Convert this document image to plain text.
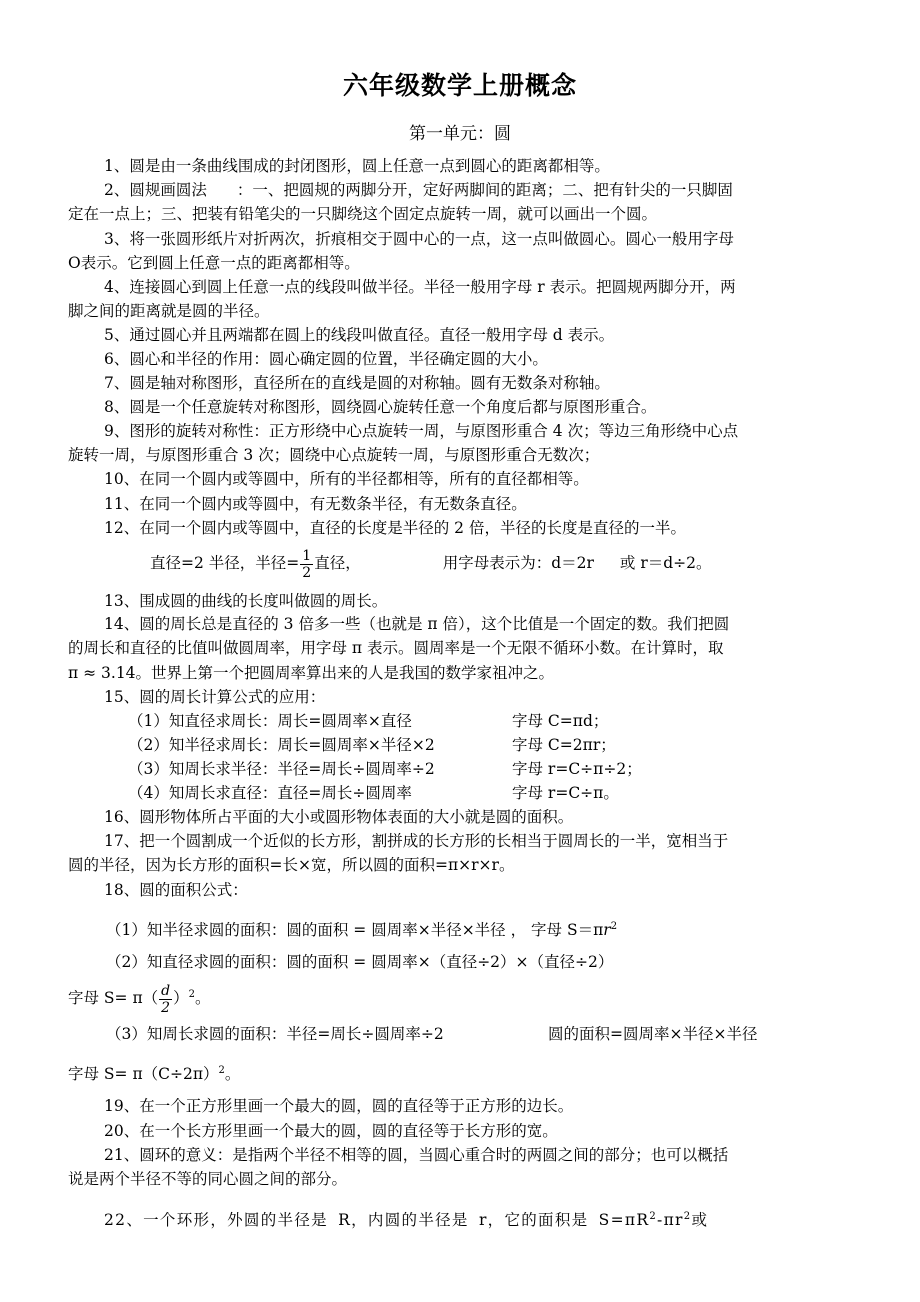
六年级数学上册概念
第一单元：圆
1、圆是由一条曲线围成的封闭图形，圆上任意一点到圆心的距离都相等。
2、圆规画圆法 ：一、把圆规的两脚分开，定好两脚间的距离；二、把有针尖的一只脚固
定在一点上；三、把装有铅笔尖的一只脚绕这个固定点旋转一周，就可以画出一个圆。
3、将一张圆形纸片对折两次，折痕相交于圆中心的一点，这一点叫做圆心。圆心一般用字母
O表示。它到圆上任意一点的距离都相等。
4、连接圆心到圆上任意一点的线段叫做半径。半径一般用字母 r 表示。把圆规两脚分开，两
脚之间的距离就是圆的半径。
5、通过圆心并且两端都在圆上的线段叫做直径。直径一般用字母 d 表示。
6、圆心和半径的作用：圆心确定圆的位置，半径确定圆的大小。
7、圆是轴对称图形，直径所在的直线是圆的对称轴。圆有无数条对称轴。
8、圆是一个任意旋转对称图形，圆绕圆心旋转任意一个角度后都与原图形重合。
9、图形的旋转对称性：正方形绕中心点旋转一周，与原图形重合 4 次；等边三角形绕中心点
旋转一周，与原图形重合 3 次；圆绕中心点旋转一周，与原图形重合无数次；
10、在同一个圆内或等圆中，所有的半径都相等，所有的直径都相等。
11、在同一个圆内或等圆中，有无数条半径，有无数条直径。
12、在同一个圆内或等圆中，直径的长度是半径的 2 倍，半径的长度是直径的一半。
直径=2 半径，半径= $\frac{1}{2}$ 直径，	用字母表示为：d＝2r 或 r＝d÷2。
13、围成圆的曲线的长度叫做圆的周长。
14、圆的周长总是直径的 3 倍多一些（也就是 π 倍），这个比值是一个固定的数。我们把圆
的周长和直径的比值叫做圆周率，用字母 π 表示。圆周率是一个无限不循环小数。在计算时，取
π ≈ 3.14。世界上第一个把圆周率算出来的人是我国的数学家祖冲之。
15、圆的周长计算公式的应用：
（1）知直径求周长：周长=圆周率×直径	字母 C=πd；
（2）知半径求周长：周长=圆周率×半径×2	字母 C=2πr；
（3）知周长求半径：半径=周长÷圆周率÷2	字母 r=C÷π÷2；
（4）知周长求直径：直径=周长÷圆周率	字母 r=C÷π。
16、圆形物体所占平面的大小或圆形物体表面的大小就是圆的面积。
17、把一个圆割成一个近似的长方形，割拼成的长方形的长相当于圆周长的一半，宽相当于
圆的半径，因为长方形的面积=长×宽，所以圆的面积=π×r×r。
18、圆的面积公式：
（1）知半径求圆的面积：圆的面积 = 圆周率×半径×半径 ， 字母 $S=\pi r^2$
（2）知直径求圆的面积：圆的面积 = 圆周率×（直径÷2）×（直径÷2）
字母 $S= \pi( \frac{d}{2} )^2$。
（3）知周长求圆的面积：半径=周长÷圆周率÷2	圆的面积=圆周率×半径×半径
字母 $S= \pi(C\div 2\pi)^2$。
19、在一个正方形里画一个最大的圆，圆的直径等于正方形的边长。
20、在一个长方形里画一个最大的圆，圆的直径等于长方形的宽。
21、圆环的意义：是指两个半径不相等的圆，当圆心重合时的两圆之间的部分；也可以概括
说是两个半径不等的同心圆之间的部分。
22、一个环形，外圆的半径是 R，内圆的半径是 r，它的面积是 $S=\pi R^2-\pi r^2$或
